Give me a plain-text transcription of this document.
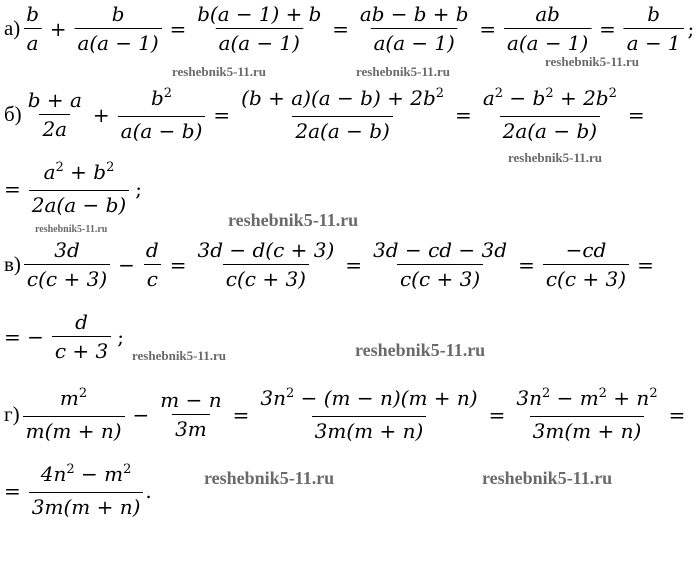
$а) \frac{b}{a} + \frac{b}{a(a - 1)} = \frac{b(a - 1) + b}{a(a - 1)} = \frac{ab - b + b}{a(a - 1)} = \frac{ab}{a(a - 1)} = \frac{b}{a - 1}$ ;
$б) \frac{b + a}{2a} + \frac{b^2}{a(a - b)} = \frac{(b + a)(a - b) + 2b^2}{2a(a - b)} = \frac{a^2 - b^2 + 2b^2}{2a(a - b)}$ =
= $\frac{a^2 + b^2}{2a(a - b)}$ ;
$в) \frac{3d}{c(c + 3)} - \frac{d}{c} = \frac{3d - d(c + 3)}{c(c + 3)} = \frac{3d - cd - 3d}{c(c + 3)} = \frac{-cd}{c(c + 3)}$ =
= − $\frac{d}{c + 3}$ ;
$г) \frac{m^2}{m(m + n)} - \frac{m - n}{3m} = \frac{3n^2 - (m - n)(m + n)}{3m(m + n)} = \frac{3n^2 - m^2 + n^2}{3m(m + n)}$ =
= $\frac{4n^2 - m^2}{3m(m + n)}$ .
reshebnik5-11.ru	reshebnik5-11.ru
reshebnik5-11.ru
reshebnik5-11.ru
reshebnik5-11.ru	reshebnik5-11.ru
reshebnik5-11.ru	reshebnik5-11.ru
reshebnik5-11.ru	reshebnik5-11.ru
